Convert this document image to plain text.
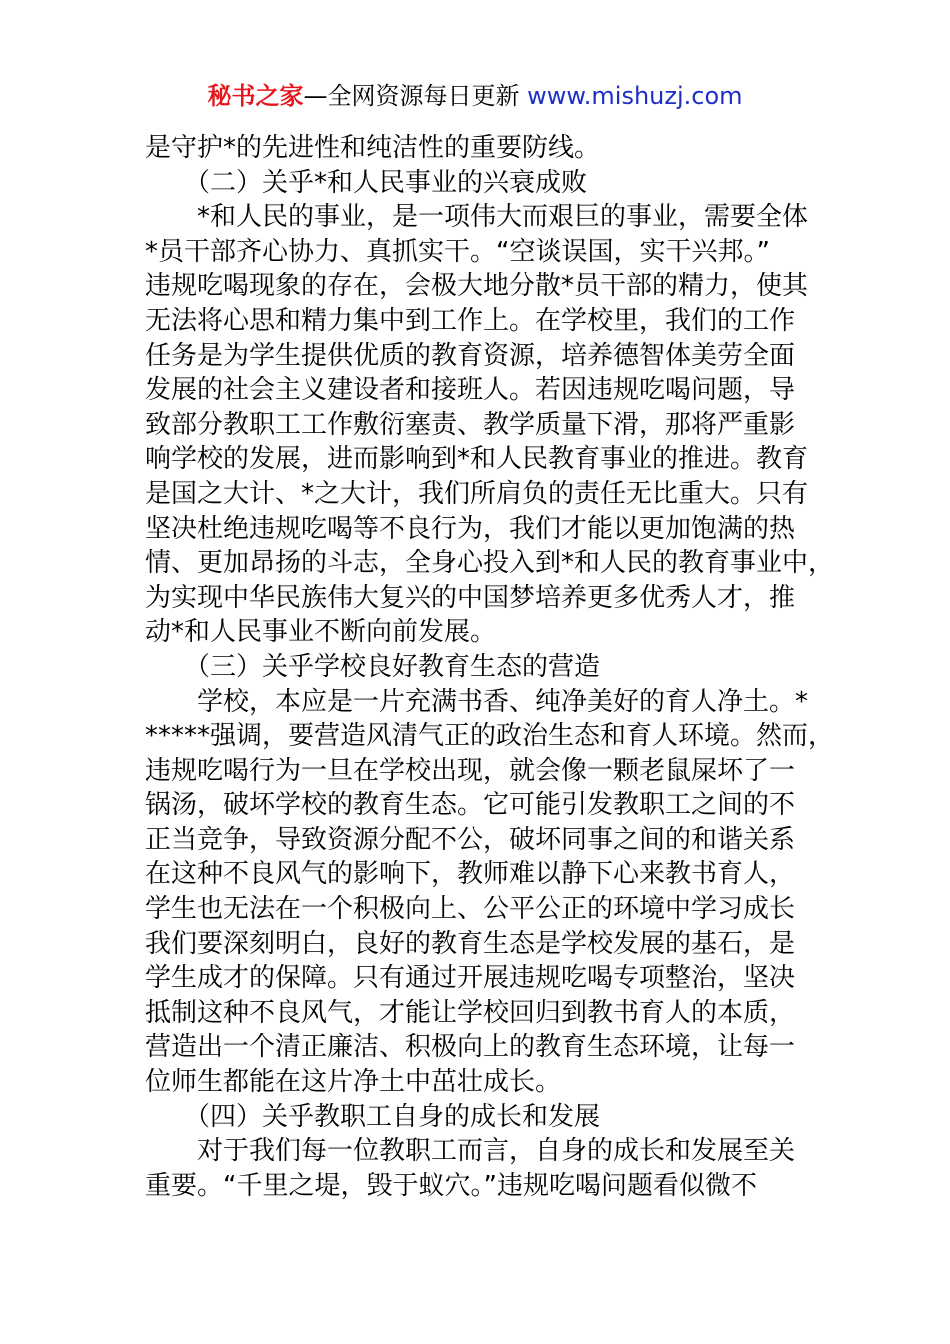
秘书之家—全网资源每日更新 www.mishuzj.com
是守护*的先进性和纯洁性的重要防线。
　　（二）关乎*和人民事业的兴衰成败
　　*和人民的事业，是一项伟大而艰巨的事业，需要全体
*员干部齐心协力、真抓实干。“空谈误国，实干兴邦。”
违规吃喝现象的存在，会极大地分散*员干部的精力，使其
无法将心思和精力集中到工作上。在学校里，我们的工作
任务是为学生提供优质的教育资源，培养德智体美劳全面
发展的社会主义建设者和接班人。若因违规吃喝问题，导
致部分教职工工作敷衍塞责、教学质量下滑，那将严重影
响学校的发展，进而影响到*和人民教育事业的推进。教育
是国之大计、*之大计，我们所肩负的责任无比重大。只有
坚决杜绝违规吃喝等不良行为，我们才能以更加饱满的热
情、更加昂扬的斗志，全身心投入到*和人民的教育事业中，
为实现中华民族伟大复兴的中国梦培养更多优秀人才，推
动*和人民事业不断向前发展。
　　（三）关乎学校良好教育生态的营造
　　学校，本应是一片充满书香、纯净美好的育人净土。*
*****强调，要营造风清气正的政治生态和育人环境。然而，
违规吃喝行为一旦在学校出现，就会像一颗老鼠屎坏了一
锅汤，破坏学校的教育生态。它可能引发教职工之间的不
正当竞争，导致资源分配不公，破坏同事之间的和谐关系
在这种不良风气的影响下，教师难以静下心来教书育人，
学生也无法在一个积极向上、公平公正的环境中学习成长
我们要深刻明白，良好的教育生态是学校发展的基石，是
学生成才的保障。只有通过开展违规吃喝专项整治，坚决
抵制这种不良风气，才能让学校回归到教书育人的本质，
营造出一个清正廉洁、积极向上的教育生态环境，让每一
位师生都能在这片净土中茁壮成长。
　　（四）关乎教职工自身的成长和发展
　　对于我们每一位教职工而言，自身的成长和发展至关
重要。“千里之堤，毁于蚁穴。”违规吃喝问题看似微不
